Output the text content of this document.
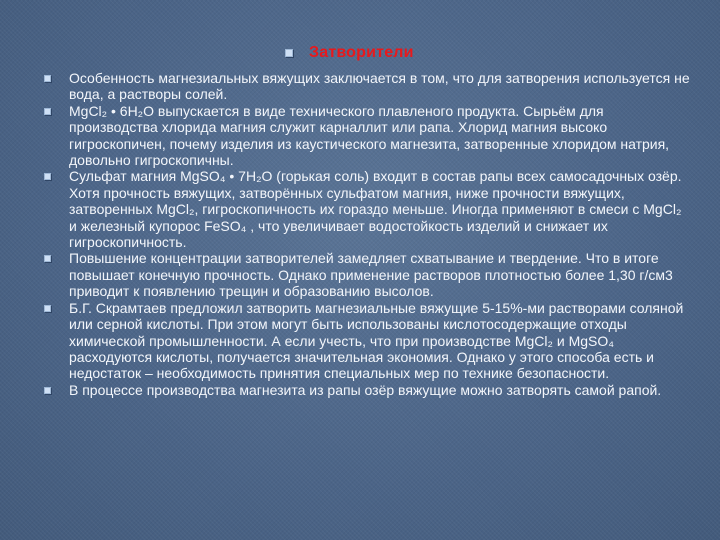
Затворители
Особенность магнезиальных вяжущих заключается в том, что для затворения используется не вода, а растворы солей.
MgCl₂ • 6H₂O выпускается в виде технического плавленого продукта. Сырьём для производства хлорида магния служит карналлит или рапа. Хлорид магния высоко гигроскопичен, почему изделия из каустического магнезита, затворенные хлоридом натрия, довольно гигроскопичны.
Сульфат магния MgSO₄ • 7H₂O (горькая соль) входит в состав рапы всех самосадочных озёр. Хотя прочность вяжущих, затворённых сульфатом магния, ниже прочности вяжущих, затворенных MgCl₂, гигроскопичность их гораздо меньше. Иногда применяют в смеси с MgCl₂ и железный купорос FeSO₄ , что увеличивает водостойкость изделий и снижает их гигроскопичность.
Повышение концентрации затворителей замедляет схватывание и твердение. Что в итоге повышает конечную прочность. Однако применение растворов плотностью более 1,30 г/см3 приводит к появлению трещин и образованию высолов.
Б.Г. Скрамтаев предложил затворить магнезиальные вяжущие 5-15%-ми растворами соляной или серной кислоты. При этом могут быть использованы кислотосодержащие отходы химической промышленности. А если учесть, что при производстве MgCl₂ и MgSO₄ расходуются кислоты, получается значительная экономия. Однако у этого способа есть и недостаток – необходимость принятия специальных мер по технике безопасности.
В процессе производства магнезита из рапы озёр вяжущие можно затворять самой рапой.
